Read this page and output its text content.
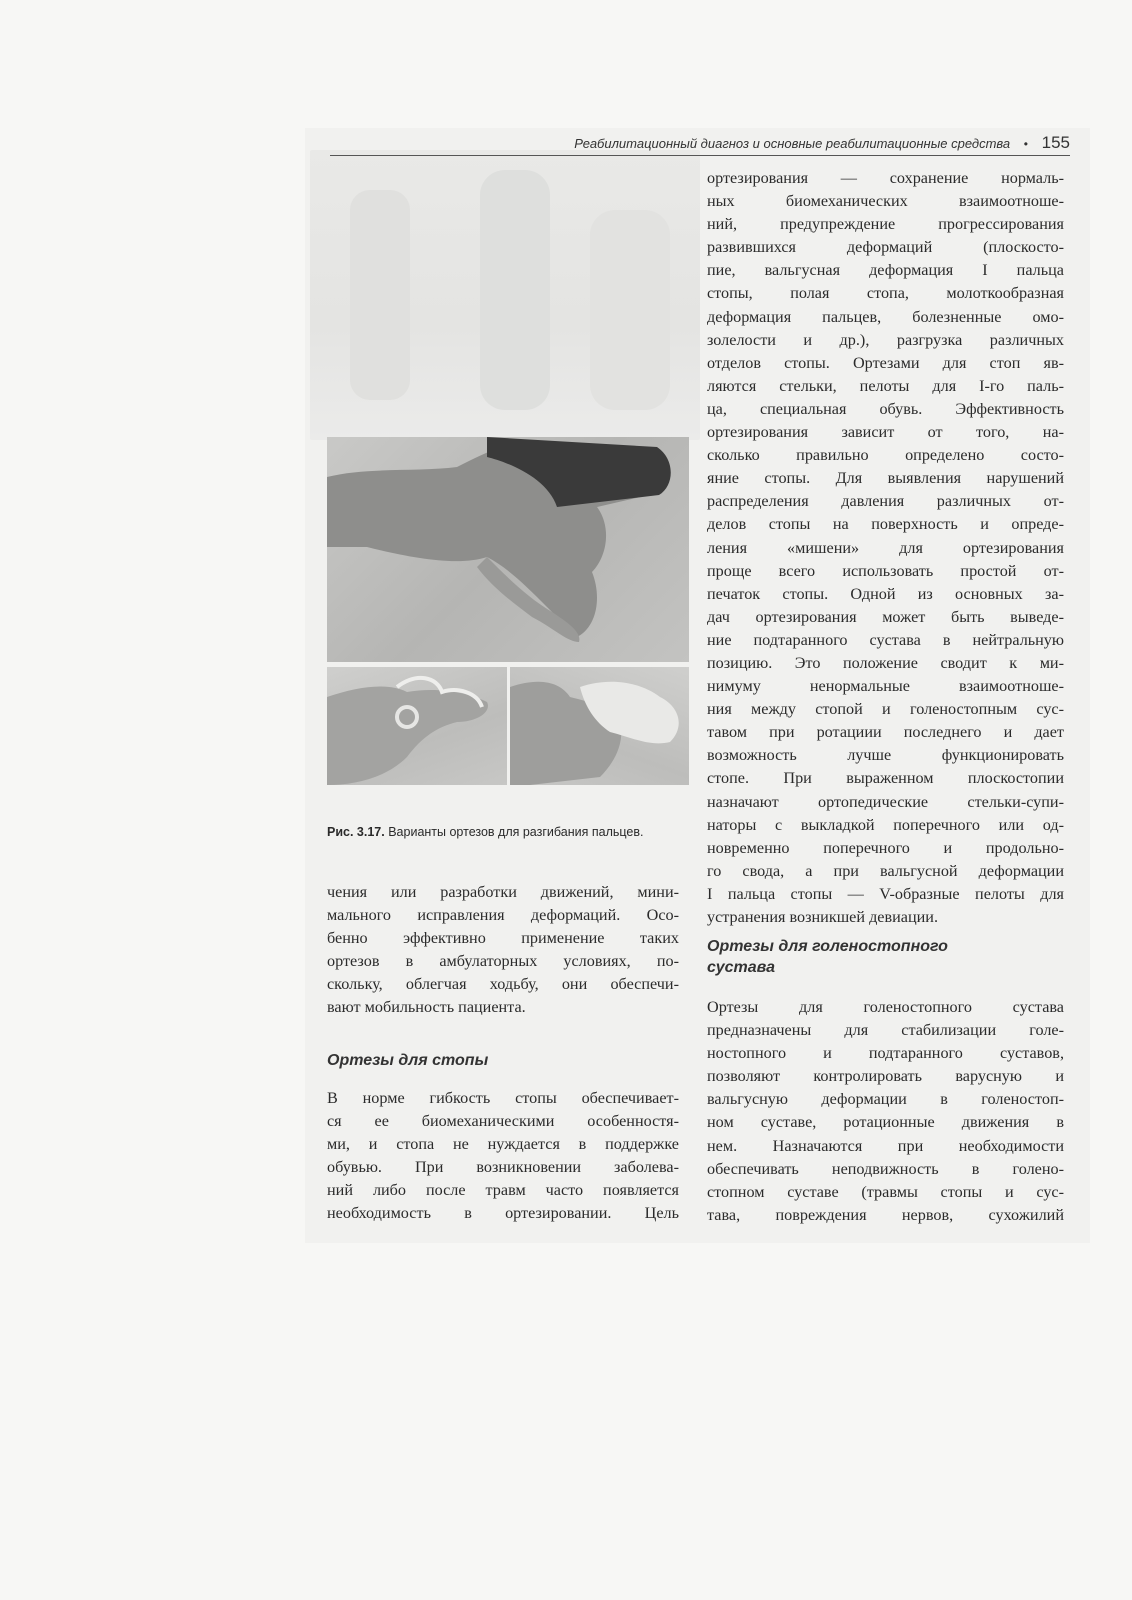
Реабилитационный диагноз и основные реабилитационные средства • 155
Рис. 3.17. Варианты ортезов для разгибания пальцев.
чения или разработки движений, мини-
мального исправления деформаций. Осо-
бенно эффективно применение таких
ортезов в амбулаторных условиях, по-
скольку, облегчая ходьбу, они обеспечи-
вают мобильность пациента.
Ортезы для стопы
В норме гибкость стопы обеспечивает-
ся ее биомеханическими особенностя-
ми, и стопа не нуждается в поддержке
обувью. При возникновении заболева-
ний либо после травм часто появляется
необходимость в ортезировании. Цель
ортезирования — сохранение нормаль-
ных биомеханических взаимоотноше-
ний, предупреждение прогрессирования
развившихся деформаций (плоскосто-
пие, вальгусная деформация I пальца
стопы, полая стопа, молоткообразная
деформация пальцев, болезненные омо-
золелости и др.), разгрузка различных
отделов стопы. Ортезами для стоп яв-
ляются стельки, пелоты для I-го паль-
ца, специальная обувь. Эффективность
ортезирования зависит от того, на-
сколько правильно определено состо-
яние стопы. Для выявления нарушений
распределения давления различных от-
делов стопы на поверхность и опреде-
ления «мишени» для ортезирования
проще всего использовать простой от-
печаток стопы. Одной из основных за-
дач ортезирования может быть выведе-
ние подтаранного сустава в нейтральную
позицию. Это положение сводит к ми-
нимуму ненормальные взаимоотноше-
ния между стопой и голеностопным сус-
тавом при ротациии последнего и дает
возможность лучше функционировать
стопе. При выраженном плоскостопии
назначают ортопедические стельки-супи-
наторы с выкладкой поперечного или од-
новременно поперечного и продольно-
го свода, а при вальгусной деформации
I пальца стопы — V-образные пелоты для
устранения возникшей девиации.
Ортезы для голеностопного
сустава
Ортезы для голеностопного сустава
предназначены для стабилизации голе-
ностопного и подтаранного суставов,
позволяют контролировать варусную и
вальгусную деформации в голеностоп-
ном суставе, ротационные движения в
нем. Назначаются при необходимости
обеспечивать неподвижность в голено-
стопном суставе (травмы стопы и сус-
тава, повреждения нервов, сухожилий
